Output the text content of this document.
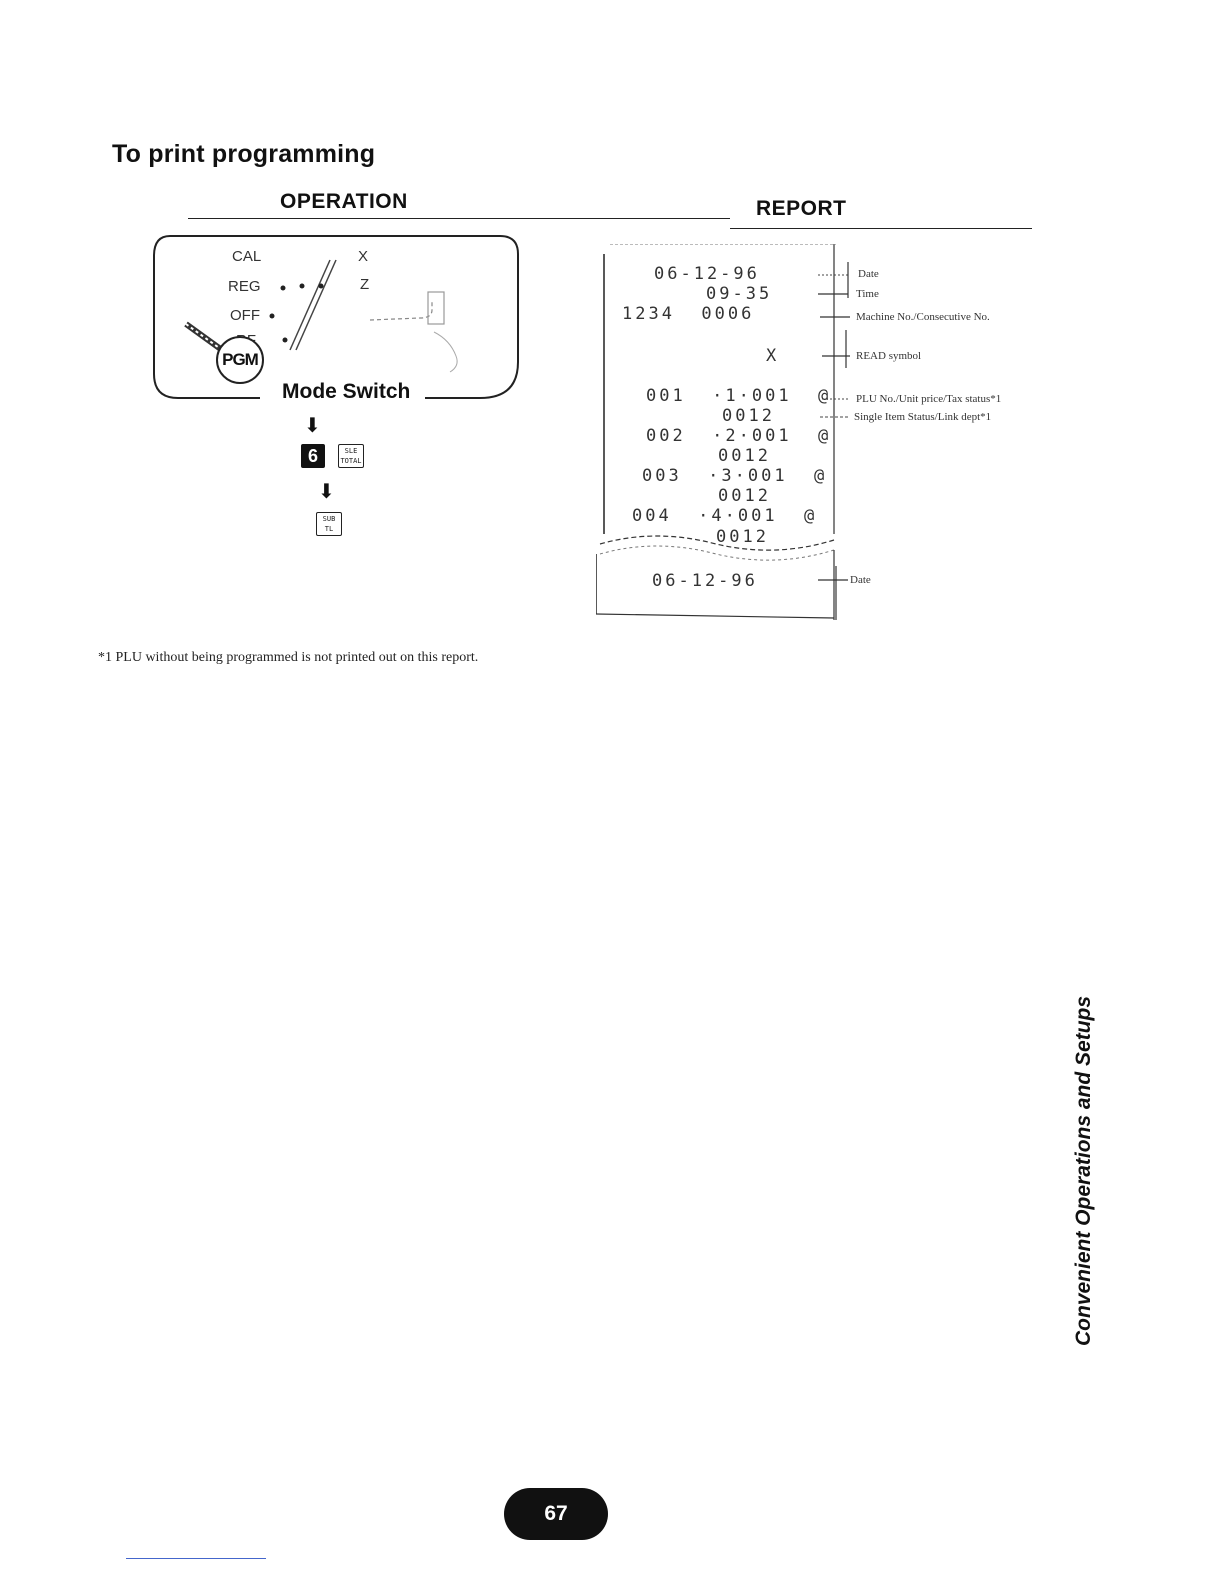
To print programming
OPERATION	REPORT
CAL
REG
OFF
X
Z
PGM
Mode Switch
⬇
6	SLE
TOTAL
⬇
SUB
TL
06-12-96
09-35
1234  0006
X
001  ·1·001  @
0012
002  ·2·001  @
0012
003  ·3·001  @
0012
004  ·4·001  @
0012
06-12-96
Date
Time
Machine No./Consecutive No.
READ symbol
PLU No./Unit price/Tax status*1
Single Item Status/Link dept*1
Date
*1 PLU without being programmed is not printed out on this report.
Convenient Operations and Setups
67
